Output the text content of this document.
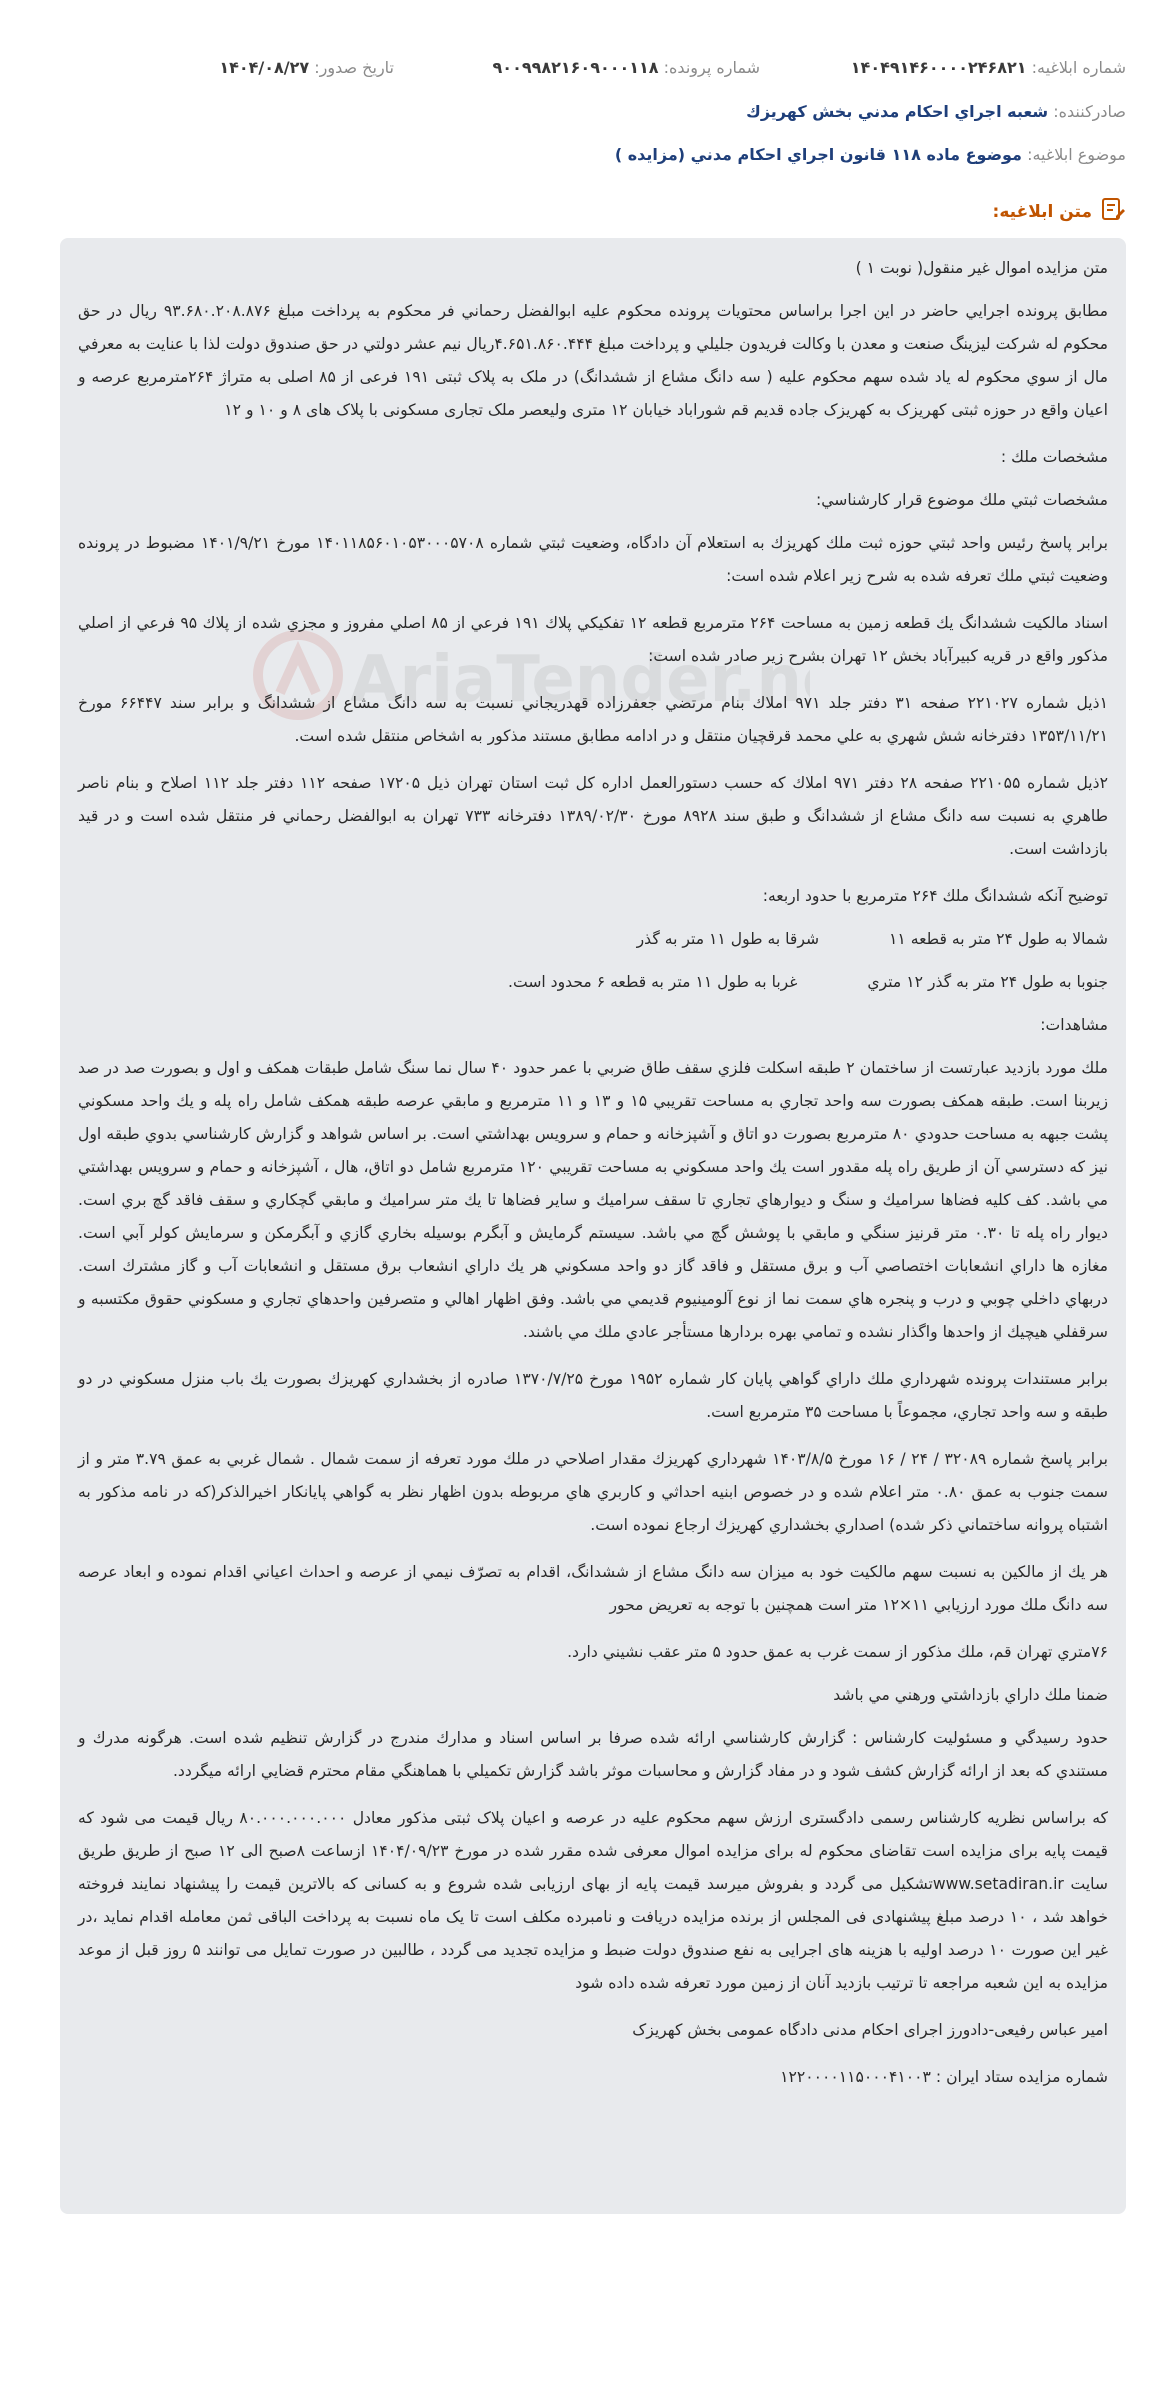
شماره ابلاغیه: ۱۴۰۴۹۱۴۶۰۰۰۰۲۴۶۸۲۱
شماره پرونده: ۹۰۰۹۹۸۲۱۶۰۹۰۰۰۱۱۸
تاریخ صدور: ۱۴۰۴/۰۸/۲۷
صادرکننده: شعبه اجراي احكام مدني بخش كهريزك
موضوع ابلاغیه: موضوع ماده ۱۱۸ قانون اجراي احكام مدني (مزايده )
متن ابلاغیه:
AriaTender.n

متن مزايده اموال غير منقول( نوبت ۱ )

مطابق پرونده اجرايي حاضر در اين اجرا براساس محتويات پرونده محكوم عليه ابوالفضل رحماني فر محكوم به پرداخت مبلغ ۹۳.۶۸۰.۲۰۸.۸۷۶ ريال در حق محكوم له شركت ليزينگ صنعت و معدن با وكالت فريدون جليلي و پرداخت مبلغ ۴.۶۵۱.۸۶۰.۴۴۴ريال نيم عشر دولتي در حق صندوق دولت لذا با عنايت به معرفي مال از سوي محكوم له ياد شده سهم محكوم عليه ( سه دانگ مشاع از ششدانگ) در ملک به پلاک ثبتی ۱۹۱ فرعی از ۸۵ اصلی به متراژ ۲۶۴مترمربع عرصه و اعيان واقع در حوزه ثبتی کهريزک به کهريزک جاده قديم قم شوراباد خيابان ۱۲ متری وليعصر ملک تجاری مسکونی با پلاک های ۸ و ۱۰ و ۱۲

مشخصات ملك :

مشخصات ثبتي ملك موضوع قرار كارشناسي:

برابر پاسخ رئيس واحد ثبتي حوزه ثبت ملك كهريزك به استعلام آن دادگاه، وضعيت ثبتي شماره ۱۴۰۱۱۸۵۶۰۱۰۵۳۰۰۰۵۷۰۸ مورخ ۱۴۰۱/۹/۲۱ مضبوط در پرونده وضعيت ثبتي ملك تعرفه شده به شرح زير اعلام شده است:

اسناد مالكيت ششدانگ يك قطعه زمين به مساحت ۲۶۴ مترمربع قطعه ۱۲ تفكيكي پلاك ۱۹۱ فرعي از ۸۵ اصلي مفروز و مجزي شده از پلاك ۹۵ فرعي از اصلي مذكور واقع در قريه كبيرآباد بخش ۱۲ تهران بشرح زير صادر شده است:

۱ذيل شماره ۲۲۱۰۲۷ صفحه ۳۱ دفتر جلد ۹۷۱ املاك بنام مرتضي جعفرزاده قهدريجاني نسبت به سه دانگ مشاع از ششدانگ و برابر سند ۶۶۴۴۷ مورخ ۱۳۵۳/۱۱/۲۱ دفترخانه شش شهري به علي محمد قرقچيان منتقل و در ادامه مطابق مستند مذكور به اشخاص منتقل شده است.

۲ذيل شماره ۲۲۱۰۵۵ صفحه ۲۸ دفتر ۹۷۱ املاك كه حسب دستورالعمل اداره كل ثبت استان تهران ذيل ۱۷۲۰۵ صفحه ۱۱۲ دفتر جلد ۱۱۲ اصلاح و بنام ناصر طاهري به نسبت سه دانگ مشاع از ششدانگ و طبق سند ۸۹۲۸ مورخ ۱۳۸۹/۰۲/۳۰ دفترخانه ۷۳۳ تهران به ابوالفضل رحماني فر منتقل شده است و در قيد بازداشت است.

توضيح آنكه ششدانگ ملك ۲۶۴ مترمربع با حدود اربعه:

شمالا به طول ۲۴ متر به قطعه ۱۱
شرقا به طول ۱۱ متر به گذر
جنوبا به طول ۲۴ متر به گذر ۱۲ متري
غربا به طول ۱۱ متر به قطعه ۶ محدود است.

مشاهدات:

ملك مورد بازديد عبارتست از ساختمان ۲ طبقه اسكلت فلزي سقف طاق ضربي با عمر حدود ۴۰ سال نما سنگ شامل طبقات همكف و اول و بصورت صد در صد زيربنا است. طبقه همكف بصورت سه واحد تجاري به مساحت تقريبي ۱۵ و ۱۳ و ۱۱ مترمربع و مابقي عرصه طبقه همكف شامل راه پله و يك واحد مسكوني پشت جبهه به مساحت حدودي ۸۰ مترمربع بصورت دو اتاق و آشپزخانه و حمام و سرويس بهداشتي است. بر اساس شواهد و گزارش كارشناسي بدوي طبقه اول نيز كه دسترسي آن از طريق راه پله مقدور است يك واحد مسكوني به مساحت تقريبي ۱۲۰ مترمربع شامل دو اتاق، هال ، آشپزخانه و حمام و سرويس بهداشتي مي باشد. كف كليه فضاها سراميك و سنگ و ديوارهاي تجاري تا سقف سراميك و ساير فضاها تا يك متر سراميك و مابقي گچكاري و سقف فاقد گچ بري است. ديوار راه پله تا ۰.۳۰ متر قرنيز سنگي و مابقي با پوشش گچ مي باشد. سيستم گرمايش و آبگرم بوسيله بخاري گازي و آبگرمكن و سرمايش كولر آبي است. مغازه ها داراي انشعابات اختصاصي آب و برق مستقل و فاقد گاز دو واحد مسكوني هر يك داراي انشعاب برق مستقل و انشعابات آب و گاز مشترك است. دربهاي داخلي چوبي و درب و پنجره هاي سمت نما از نوع آلومينيوم قديمي مي باشد. وفق اظهار اهالي و متصرفين واحدهاي تجاري و مسكوني حقوق مكتسبه و سرقفلي هيچيك از واحدها واگذار نشده و تمامي بهره بردارها مستأجر عادي ملك مي باشند.

برابر مستندات پرونده شهرداري ملك داراي گواهي پايان كار شماره ۱۹۵۲ مورخ ۱۳۷۰/۷/۲۵ صادره از بخشداري كهريزك بصورت يك باب منزل مسكوني در دو طبقه و سه واحد تجاري، مجموعاً با مساحت ۳۵ مترمربع است.

برابر پاسخ شماره ۳۲۰۸۹ / ۲۴ / ۱۶ مورخ ۱۴۰۳/۸/۵ شهرداري كهريزك مقدار اصلاحي در ملك مورد تعرفه از سمت شمال . شمال غربي به عمق ۳.۷۹ متر و از سمت جنوب به عمق ۰.۸۰ متر اعلام شده و در خصوص ابنيه احداثي و كاربري هاي مربوطه بدون اظهار نظر به گواهي پايانكار اخيرالذكر(كه در نامه مذكور به اشتباه پروانه ساختماني ذكر شده) اصداري بخشداري كهريزك ارجاع نموده است.

هر يك از مالكين به نسبت سهم مالكيت خود به ميزان سه دانگ مشاع از ششدانگ، اقدام به تصرّف نيمي از عرصه و احداث اعياني اقدام نموده و ابعاد عرصه سه دانگ ملك مورد ارزيابي ۱۱×۱۲ متر است همچنين با توجه به تعريض محور

۷۶متري تهران قم، ملك مذكور از سمت غرب به عمق حدود ۵ متر عقب نشيني دارد.

ضمنا ملك داراي بازداشتي ورهني مي باشد

حدود رسيدگي و مسئوليت كارشناس : گزارش كارشناسي ارائه شده صرفا بر اساس اسناد و مدارك مندرج در گزارش تنظيم شده است. هرگونه مدرك و مستندي كه بعد از ارائه گزارش كشف شود و در مفاد گزارش و محاسبات موثر باشد گزارش تكميلي با هماهنگي مقام محترم قضايي ارائه ميگردد.

كه براساس نظريه كارشناس رسمی دادگستری ارزش سهم محکوم عليه در عرصه و اعيان پلاک ثبتی مذکور معادل ۸۰.۰۰۰.۰۰۰.۰۰۰ ريال قيمت می شود كه قيمت پايه برای مزايده است تقاضای محکوم له برای مزايده اموال معرفی شده مقرر شده در مورخ ۱۴۰۴/۰۹/۲۳ ازساعت ۸صبح الی ۱۲ صبح از طريق طريق سايت www.setadiran.irتشکيل می گردد و بفروش ميرسد قيمت پايه از بهای ارزيابی شده شروع و به کسانی که بالاترين قيمت را پيشنهاد نمايند فروخته خواهد شد ، ۱۰ درصد مبلغ پيشنهادی فی المجلس از برنده مزايده دريافت و نامبرده مکلف است تا يک ماه نسبت به پرداخت الباقی ثمن معامله اقدام نمايد ،در غير اين صورت ۱۰ درصد اوليه با هزينه های اجرايی به نفع صندوق دولت ضبط و مزايده تجديد می گردد ، طالبين در صورت تمايل می توانند ۵ روز قبل از موعد مزايده به اين شعبه مراجعه تا ترتيب بازديد آنان از زمين مورد تعرفه شده داده شود

امير عباس رفيعی-دادورز اجرای احکام مدنی دادگاه عمومی بخش کهريزک

شماره مزايده ستاد ایران : ۱۲۲۰۰۰۰۱۱۵۰۰۰۴۱۰۰۳
